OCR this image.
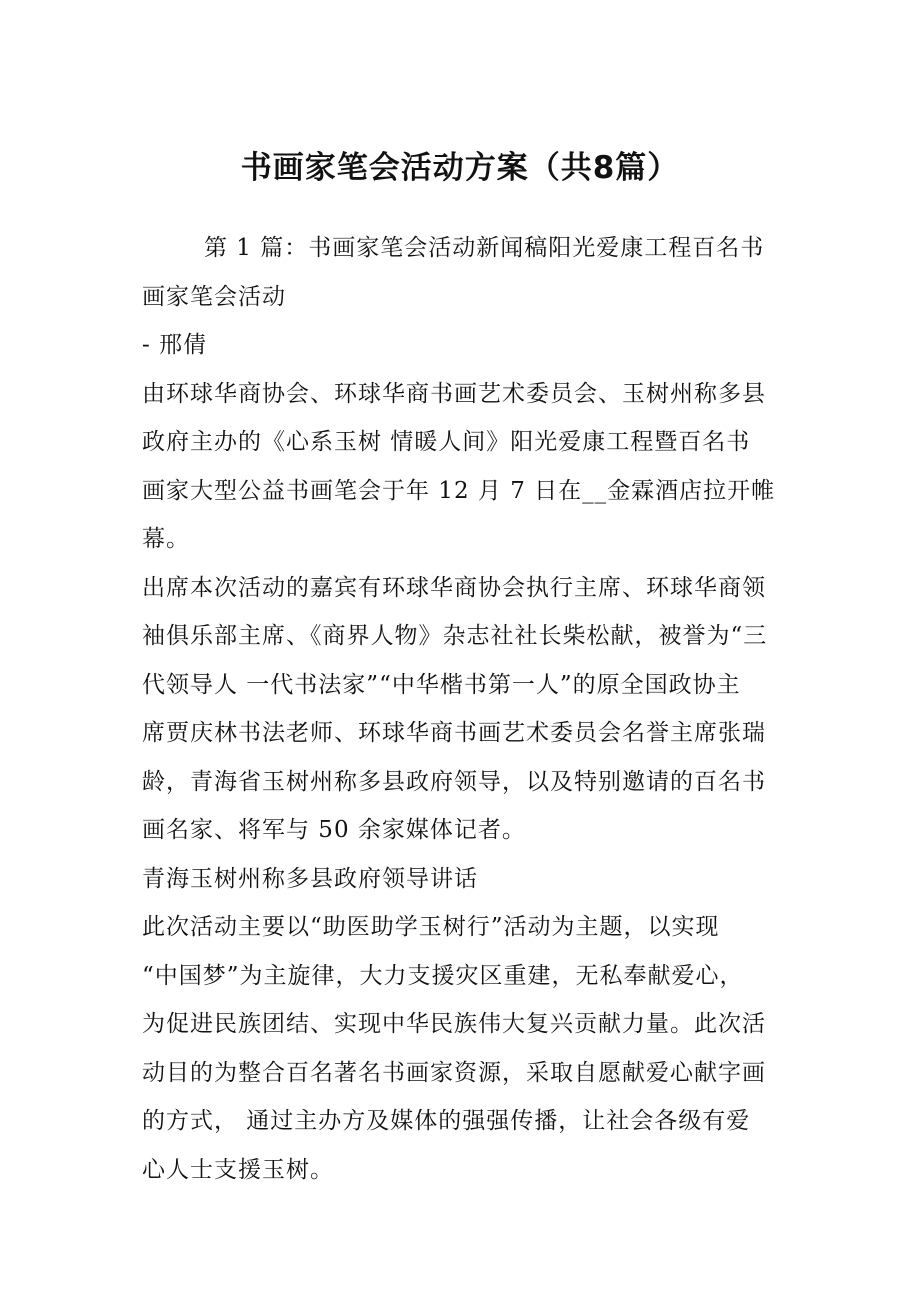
书画家笔会活动方案（共8篇）
第 1 篇：书画家笔会活动新闻稿阳光爱康工程百名书
画家笔会活动
- 邢倩
由环球华商协会、环球华商书画艺术委员会、玉树州称多县
政府主办的《心系玉树 情暖人间》阳光爱康工程暨百名书
画家大型公益书画笔会于年 12 月 7 日在__金霖酒店拉开帷
幕。
出席本次活动的嘉宾有环球华商协会执行主席、环球华商领
袖俱乐部主席、《商界人物》杂志社社长柴松献，被誉为“三
代领导人 一代书法家”“中华楷书第一人”的原全国政协主
席贾庆林书法老师、环球华商书画艺术委员会名誉主席张瑞
龄，青海省玉树州称多县政府领导，以及特别邀请的百名书
画名家、将军与 50 余家媒体记者。
青海玉树州称多县政府领导讲话
此次活动主要以“助医助学玉树行”活动为主题，以实现
“中国梦”为主旋律，大力支援灾区重建，无私奉献爱心，
为促进民族团结、实现中华民族伟大复兴贡献力量。此次活
动目的为整合百名著名书画家资源，采取自愿献爱心献字画
的方式， 通过主办方及媒体的强强传播，让社会各级有爱
心人士支援玉树。
